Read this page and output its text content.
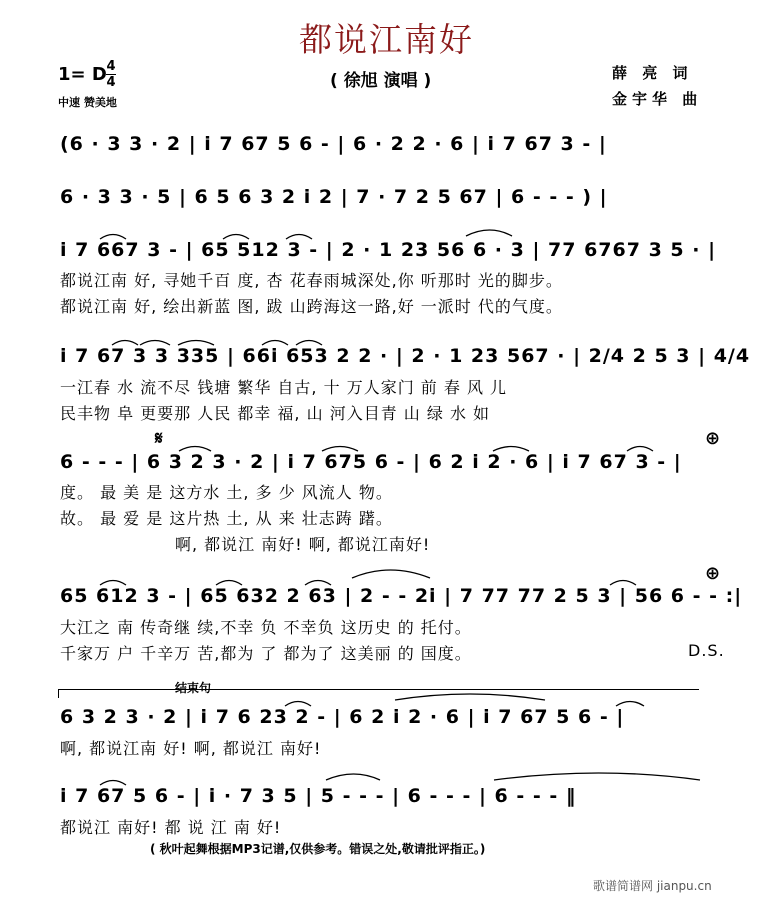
都说江南好
( 徐旭 演唱 )
1= D 4
4
中速 赞美地
薛 亮 词
金宇华 曲
(6 · 3 3 · 2 | i 7 67 5 6 - | 6 · 2 2 · 6 | i 7 67 3 - |
6 · 3 3 · 5 | 6 5 6 3 2 i 2 | 7 · 7 2 5 67 | 6 - - - ) |
i 7 667 3 - | 65 512 3 - | 2 · 1 23 56 6 · 3 | 77 6767 3 5 · |
都说江南 好, 寻她千百 度, 杏 花春雨城深处,你 听那时 光的脚步。
都说江南 好, 绘出新蓝 图, 跋 山跨海这一路,好 一派时 代的气度。
i 7 67 3 3 335 | 66i 653 2 2 · | 2 · 1 23 567 · | 2/4 2 5 3 | 4/4
一江春 水 流不尽 钱塘 繁华 自古, 十 万人家门 前 春 风 儿
民丰物 阜 更要那 人民 都幸 福, 山 河入目青 山 绿 水 如
𝄋	⊕
6 - - - | 6 3 2 3 · 2 | i 7 675 6 - | 6 2 i 2 · 6 | i 7 67 3 - |
度。 最 美 是 这方水 土, 多 少 风流人 物。
故。 最 爱 是 这片热 土, 从 来 壮志踌 躇。
啊, 都说江 南好! 啊, 都说江南好!
⊕
65 612 3 - | 65 632 2 63 | 2 - - 2i | 7 77 77 2 5 3 | 56 6 - - :|
大江之 南 传奇继 续,不幸 负 不幸负 这历史 的 托付。
千家万 户 千辛万 苦,都为 了 都为了 这美丽 的 国度。	D.S.
结束句
6 3 2 3 · 2 | i 7 6 23 2 - | 6 2 i 2 · 6 | i 7 67 5 6 - |
啊, 都说江南 好! 啊, 都说江 南好!
i 7 67 5 6 - | i · 7 3 5 | 5 - - - | 6 - - - | 6 - - - ‖
都说江 南好! 都 说 江 南 好!
( 秋叶起舞根据MP3记谱,仅供参考。错误之处,敬请批评指正。)
歌谱简谱网 jianpu.cn
